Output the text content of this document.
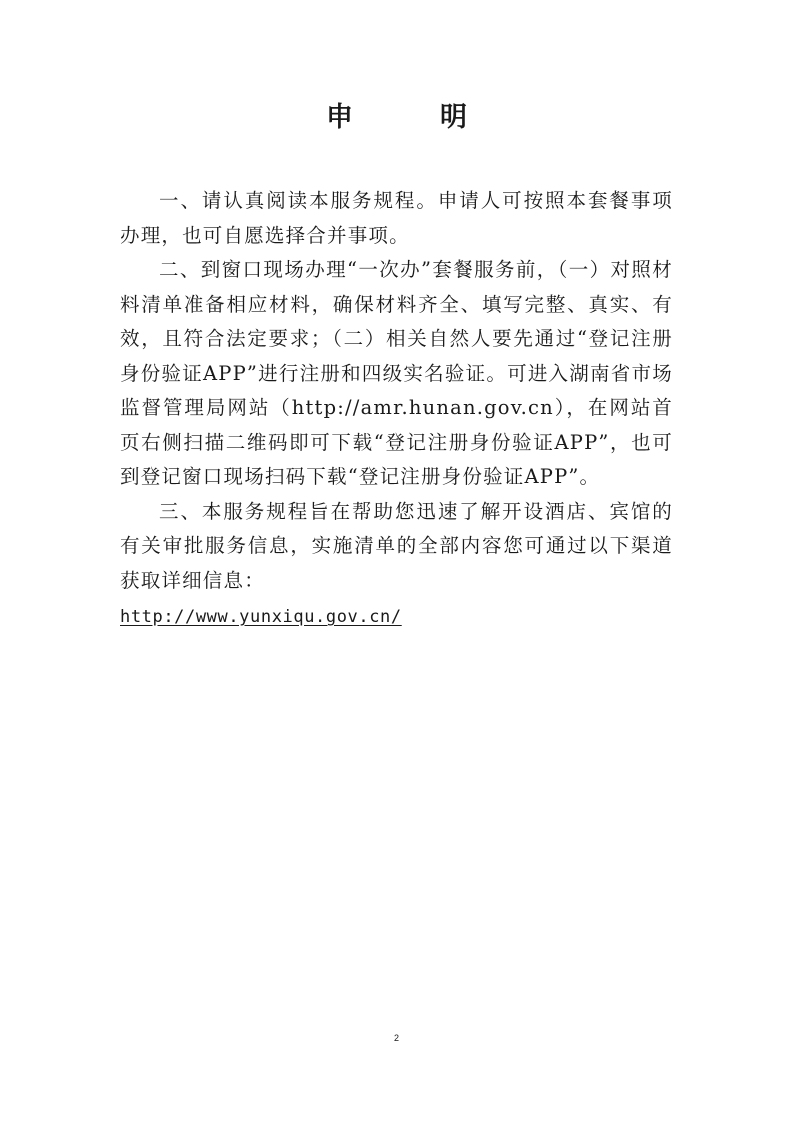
申　明

一、请认真阅读本服务规程。申请人可按照本套餐事项办理，也可自愿选择合并事项。

二、到窗口现场办理“一次办”套餐服务前，（一）对照材料清单准备相应材料，确保材料齐全、填写完整、真实、有效，且符合法定要求；（二）相关自然人要先通过“登记注册身份验证APP”进行注册和四级实名验证。可进入湖南省市场监督管理局网站（http://amr.hunan.gov.cn），在网站首页右侧扫描二维码即可下载“登记注册身份验证APP”，也可到登记窗口现场扫码下载“登记注册身份验证APP”。

三、本服务规程旨在帮助您迅速了解开设酒店、宾馆的有关审批服务信息，实施清单的全部内容您可通过以下渠道获取详细信息：

http://www.yunxiqu.gov.cn/
2
